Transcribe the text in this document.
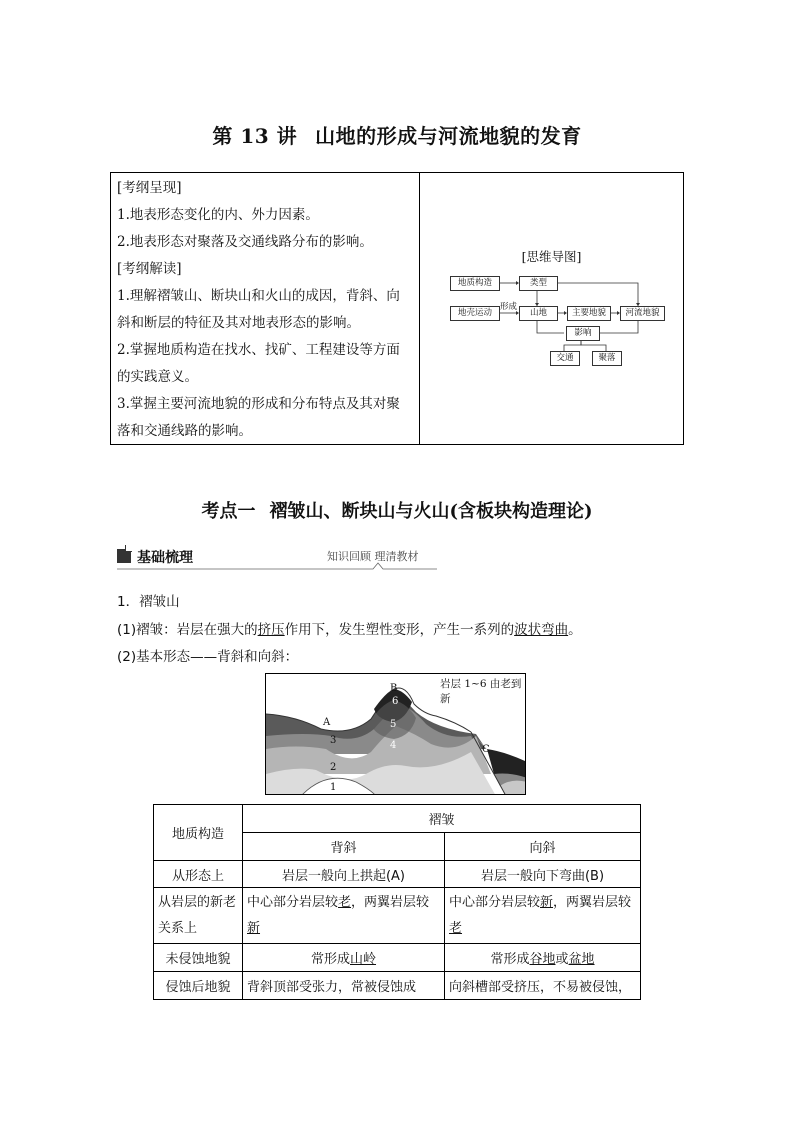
第 13 讲 山地的形成与河流地貌的发育
[考纲呈现]
1.地表形态变化的内、外力因素。
2.地表形态对聚落及交通线路分布的影响。
[考纲解读]
1.理解褶皱山、断块山和火山的成因，背斜、向斜和断层的特征及其对地表形态的影响。
2.掌握地质构造在找水、找矿、工程建设等方面的实践意义。
3.掌握主要河流地貌的形成和分布特点及其对聚落和交通线路的影响。
[思维导图]
地质构造	类型
地壳运动
形成
山地	主要地貌	河流地貌
影响
交通	聚落
考点一 褶皱山、断块山与火山(含板块构造理论)
基础梳理	知识回顾 理清教材
1．褶皱山
(1)褶皱：岩层在强大的挤压作用下，发生塑性变形，产生一系列的波状弯曲。
(2)基本形态——背斜和向斜：
岩层 1~6 由老到新
B
6
5
4
A
3
2
1
C
地质构造	褶皱	
	背斜	向斜
从形态上	岩层一般向上拱起(A)	岩层一般向下弯曲(B)
从岩层的新老关系上	中心部分岩层较老，两翼岩层较新	中心部分岩层较新，两翼岩层较老
未侵蚀地貌	常形成山岭	常形成谷地或盆地
侵蚀后地貌	背斜顶部受张力，常被侵蚀成	向斜槽部受挤压，不易被侵蚀，
